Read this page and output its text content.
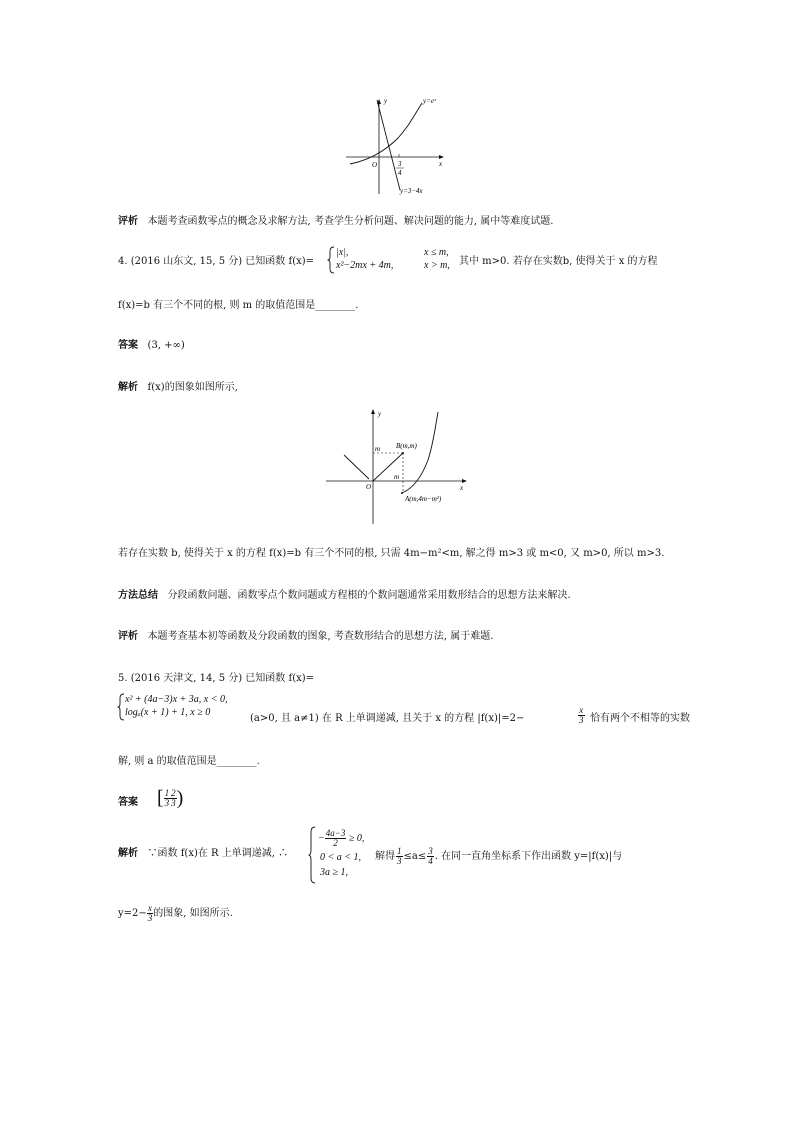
y	y=eˣ
O	x
3
4
y=3−4x
评析 本题考查函数零点的概念及求解方法, 考查学生分析问题、解决问题的能力, 属中等难度试题.
4. (2016 山东文, 15, 5 分) 已知函数 f(x)=
|x|,	x ≤ m,
x²−2mx + 4m,	x > m, 其中 m>0. 若存在实数b, 使得关于 x 的方程
f(x)=b 有三个不同的根, 则 m 的取值范围是________.
答案 (3, +∞)
解析 f(x)的图象如图所示,
y
x
O
B(m,m)
m
m
A(m,4m−m²)
若存在实数 b, 使得关于 x 的方程 f(x)=b 有三个不同的根, 只需 4m−m²<m, 解之得 m>3 或 m<0, 又 m>0, 所以 m>3.
方法总结 分段函数问题、函数零点个数问题或方程根的个数问题通常采用数形结合的思想方法来解决.
评析 本题考查基本初等函数及分段函数的图象, 考查数形结合的思想方法, 属于难题.
5. (2016 天津文, 14, 5 分) 已知函数 f(x)=
x² + (4a−3)x + 3a, x < 0,
logₐ(x + 1) + 1, x ≥ 0
(a>0, 且 a≠1) 在 R 上单调递减, 且关于 x 的方程 |f(x)|=2−	$\frac{x}{3}$ 恰有两个不相等的实数
解, 则 a 的取值范围是________.
答案 [ $\frac{1}{3} \frac{2}{3}$ )
解析 ∵函数 f(x)在 R 上单调递减, ∴
− $\frac{4a-3}{2} \ge 0$,
0 < a < 1,
3a ≥ 1,
解得 $\frac{1}{3} \le a\le \frac{3}{4}$ . 在同一直角坐标系下作出函数 y=|f(x)|与
$y=2- \frac{x}{3}$ 的图象, 如图所示.
